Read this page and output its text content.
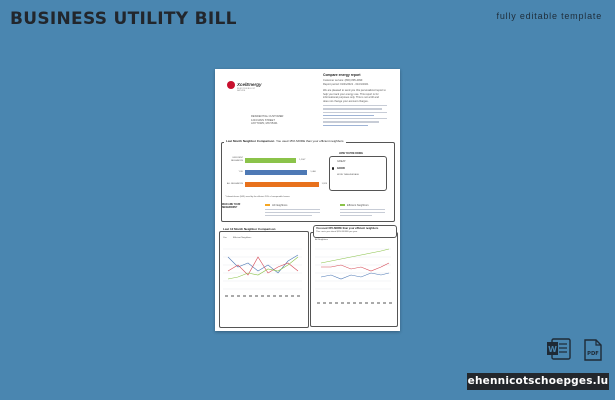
BUSINESS UTILITY BILL	fully editable template
XcelEnergy
RESPONSIBLE BY NATURE
Compare energy report
Customer service: (800) 895-4999
Report period: 01/01/2021 - 01/31/2021
We are pleased to send you this personalized report to
help you track your energy use. This report is for
informational purposes only. This is not a bill and
does not change your account charges.
RESIDENTIAL CUSTOMER
1234 MAIN STREET
ANYTOWN, MN 55401
Last Month Neighbor Comparison You used 15% MORE than your efficient neighbors
EFFICIENT NEIGHBORS
1,200*
YOU	1,460
ALL NEIGHBORS	1,925
HOW YOU'RE DOING
GREAT
GOOD
MORE THAN AVERAGE
* kilowatt-hours (kWh) used by the efficient 20% of comparable homes
WHO ARE YOUR NEIGHBORS?
All Neighbors	Efficient Neighbors
Last 12 Month Neighbor Comparison
You	Efficient Neighbors
You used 15% MORE than your efficient neighbors
This costs you about $150 MORE per year
All Neighbors
W	PDF
ehennicotschoepges.lu
